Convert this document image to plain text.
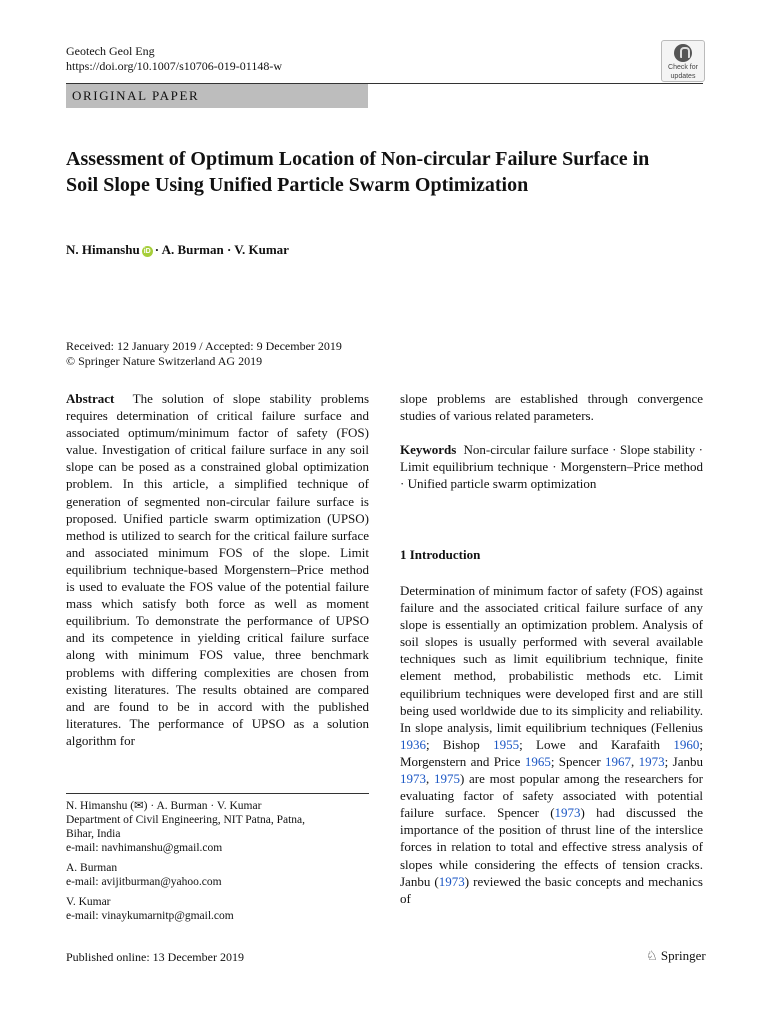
Geotech Geol Eng
https://doi.org/10.1007/s10706-019-01148-w	Check for
updates
ORIGINAL PAPER
Assessment of Optimum Location of Non-circular Failure Surface in Soil Slope Using Unified Particle Swarm Optimization
N. Himanshu iD · A. Burman · V. Kumar
Received: 12 January 2019 / Accepted: 9 December 2019
© Springer Nature Switzerland AG 2019

Abstract The solution of slope stability problems requires determination of critical failure surface and associated optimum/minimum factor of safety (FOS) value. Investigation of critical failure surface in any soil slope can be posed as a constrained global optimization problem. In this article, a simplified technique of generation of segmented non-circular failure surface is proposed. Unified particle swarm optimization (UPSO) method is utilized to search for the critical failure surface and associated minimum FOS of the slope. Limit equilibrium technique-based Morgenstern–Price method is used to evaluate the FOS value of the potential failure mass which satisfy both force as well as moment equilibrium. To demonstrate the performance of UPSO and its competence in yielding critical failure surface along with minimum FOS value, three benchmark problems with differing complexities are chosen from existing literatures. The results obtained are compared and are found to be in accord with the published literatures. The performance of UPSO as a solution algorithm for

slope problems are established through convergence studies of various related parameters.

Keywords Non-circular failure surface · Slope stability · Limit equilibrium technique · Morgenstern–Price method · Unified particle swarm optimization

1 Introduction

Determination of minimum factor of safety (FOS) against failure and the associated critical failure surface of any slope is essentially an optimization problem. Analysis of soil slopes is usually performed with several available techniques such as limit equilibrium technique, finite element method, probabilistic methods etc. Limit equilibrium techniques were developed first and are still being used worldwide due to its simplicity and reliability. In slope analysis, limit equilibrium techniques (Fellenius 1936; Bishop 1955; Lowe and Karafaith 1960; Morgenstern and Price 1965; Spencer 1967, 1973; Janbu 1973, 1975) are most popular among the researchers for evaluating factor of safety associated with potential failure surface. Spencer (1973) had discussed the importance of the position of thrust line of the interslice forces in relation to total and effective stress analysis of slopes while considering the effects of tension cracks. Janbu (1973) reviewed the basic concepts and mechanics of

N. Himanshu (✉) · A. Burman · V. Kumar
Department of Civil Engineering, NIT Patna, Patna,
Bihar, India
e-mail: navhimanshu@gmail.com
A. Burman
e-mail: avijitburman@yahoo.com
V. Kumar
e-mail: vinaykumarnitp@gmail.com
Published online: 13 December 2019	♘ Springer
